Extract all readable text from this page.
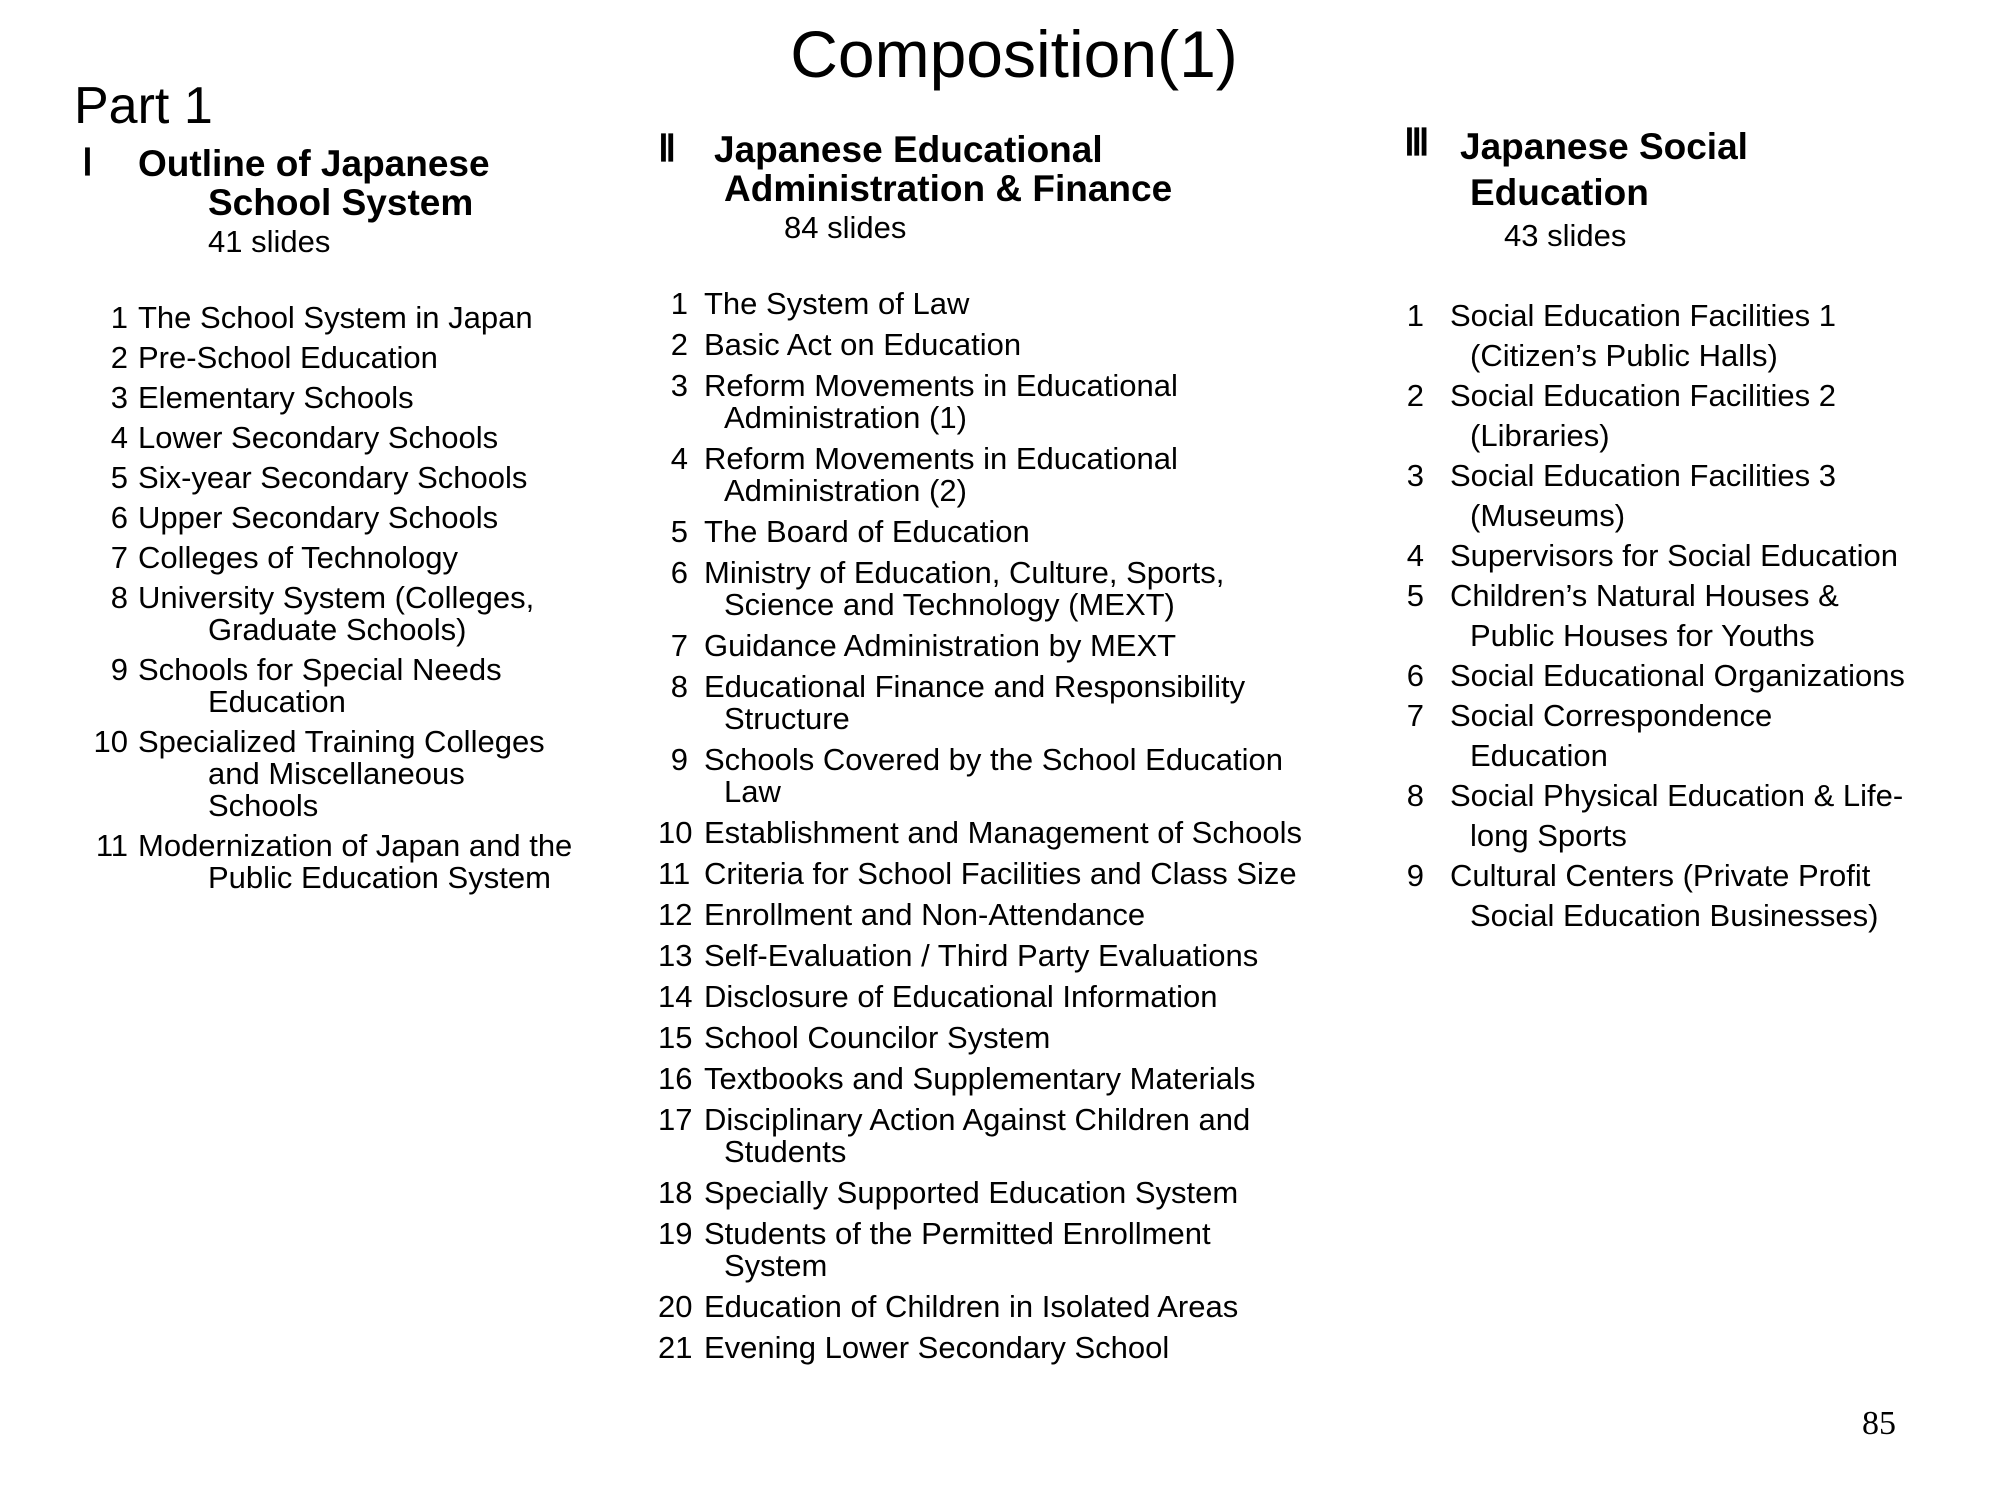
Composition(1)
Part 1
Ⅰ	Outline of Japanese
School System
41 slides
1 The School System in Japan
2 Pre-School Education
3 Elementary Schools
4 Lower Secondary Schools
5 Six-year Secondary Schools
6 Upper Secondary Schools
7 Colleges of Technology
8 University System (Colleges,
Graduate Schools)
9 Schools for Special Needs
Education
10 Specialized Training Colleges
and Miscellaneous
Schools
11 Modernization of Japan and the
Public Education System
Ⅱ	Japanese Educational
Administration & Finance
84 slides
1 The System of Law
2 Basic Act on Education
3 Reform Movements in Educational
Administration (1)
4 Reform Movements in Educational
Administration (2)
5 The Board of Education
6 Ministry of Education, Culture, Sports,
Science and Technology (MEXT)
7 Guidance Administration by MEXT
8 Educational Finance and Responsibility
Structure
9 Schools Covered by the School Education
Law
10 Establishment and Management of Schools
11 Criteria for School Facilities and Class Size
12 Enrollment and Non-Attendance
13 Self-Evaluation / Third Party Evaluations
14 Disclosure of Educational Information
15 School Councilor System
16 Textbooks and Supplementary Materials
17 Disciplinary Action Against Children and
Students
18 Specially Supported Education System
19 Students of the Permitted Enrollment
System
20 Education of Children in Isolated Areas
21 Evening Lower Secondary School
Ⅲ Japanese Social
Education
43 slides
1 Social Education Facilities 1
(Citizen’s Public Halls)
2 Social Education Facilities 2
(Libraries)
3 Social Education Facilities 3
(Museums)
4 Supervisors for Social Education
5 Children’s Natural Houses &
Public Houses for Youths
6 Social Educational Organizations
7 Social Correspondence
Education
8 Social Physical Education & Life-
long Sports
9 Cultural Centers (Private Profit
Social Education Businesses)
85
